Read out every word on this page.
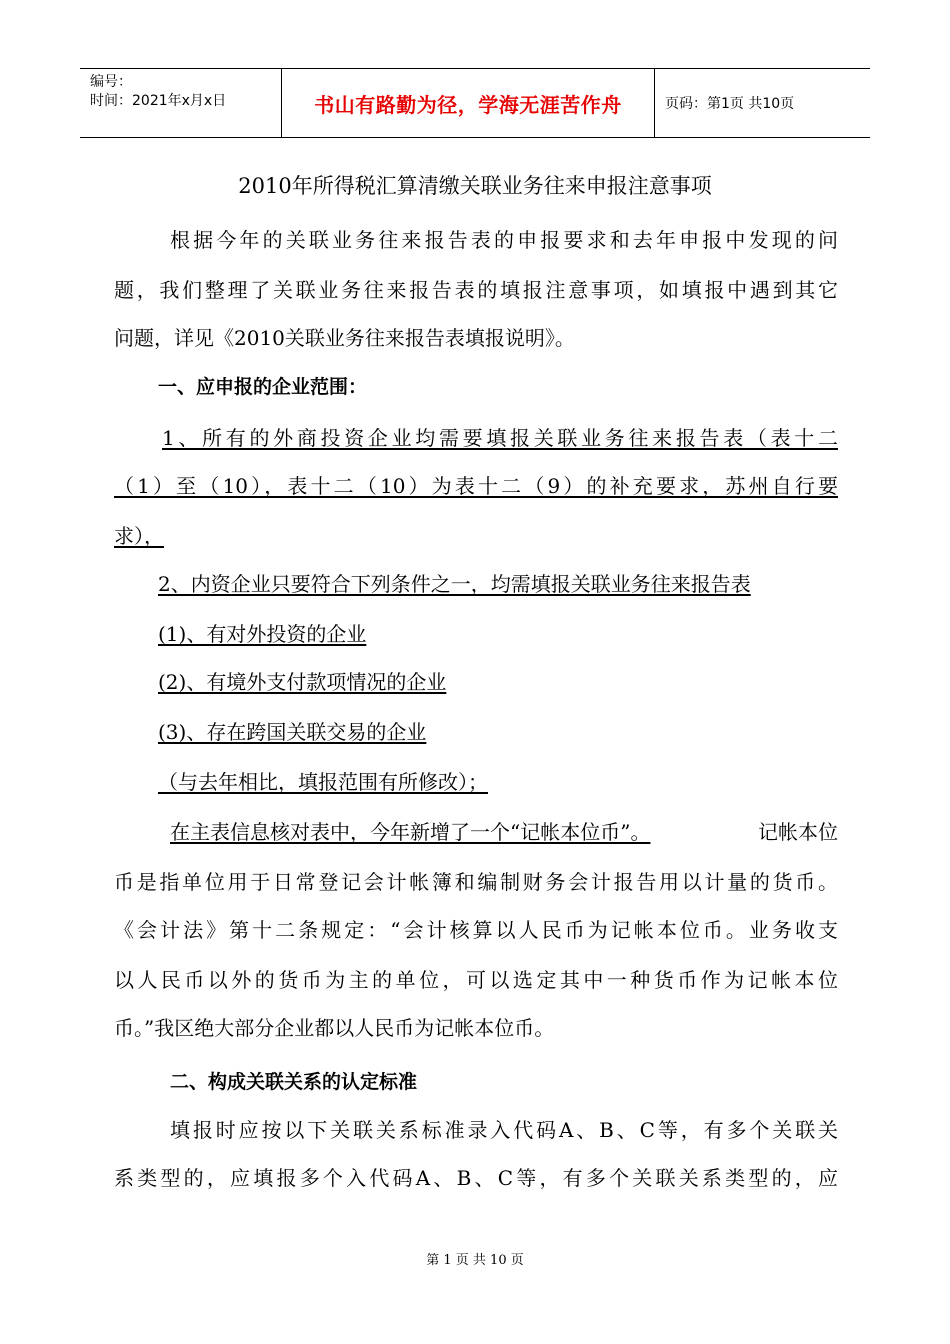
编号：
时间：2021年x月x日	书山有路勤为径，学海无涯苦作舟	页码：第1页 共10页
2010年所得税汇算清缴关联业务往来申报注意事项
根据今年的关联业务往来报告表的申报要求和去年申报中发现的问
题，我们整理了关联业务往来报告表的填报注意事项，如填报中遇到其它
问题，详见《2010关联业务往来报告表填报说明》。
一、应申报的企业范围：
1、所有的外商投资企业均需要填报关联业务往来报告表（表十二
（1）至（10），表十二（10）为表十二（9）的补充要求，苏州自行要
求），
2、内资企业只要符合下列条件之一，均需填报关联业务往来报告表
(1)、有对外投资的企业
(2)、有境外支付款项情况的企业
(3)、存在跨国关联交易的企业
（与去年相比，填报范围有所修改）；
在主表信息核对表中，今年新增了一个“记帐本位币”。	记帐本位
币是指单位用于日常登记会计帐簿和编制财务会计报告用以计量的货币。
《会计法》第十二条规定：“会计核算以人民币为记帐本位币。业务收支
以人民币以外的货币为主的单位，可以选定其中一种货币作为记帐本位
币。”我区绝大部分企业都以人民币为记帐本位币。
二、构成关联关系的认定标准
填报时应按以下关联关系标准录入代码A、B、C等，有多个关联关
系类型的，应填报多个入代码A、B、C等，有多个关联关系类型的，应
第 1 页 共 10 页
